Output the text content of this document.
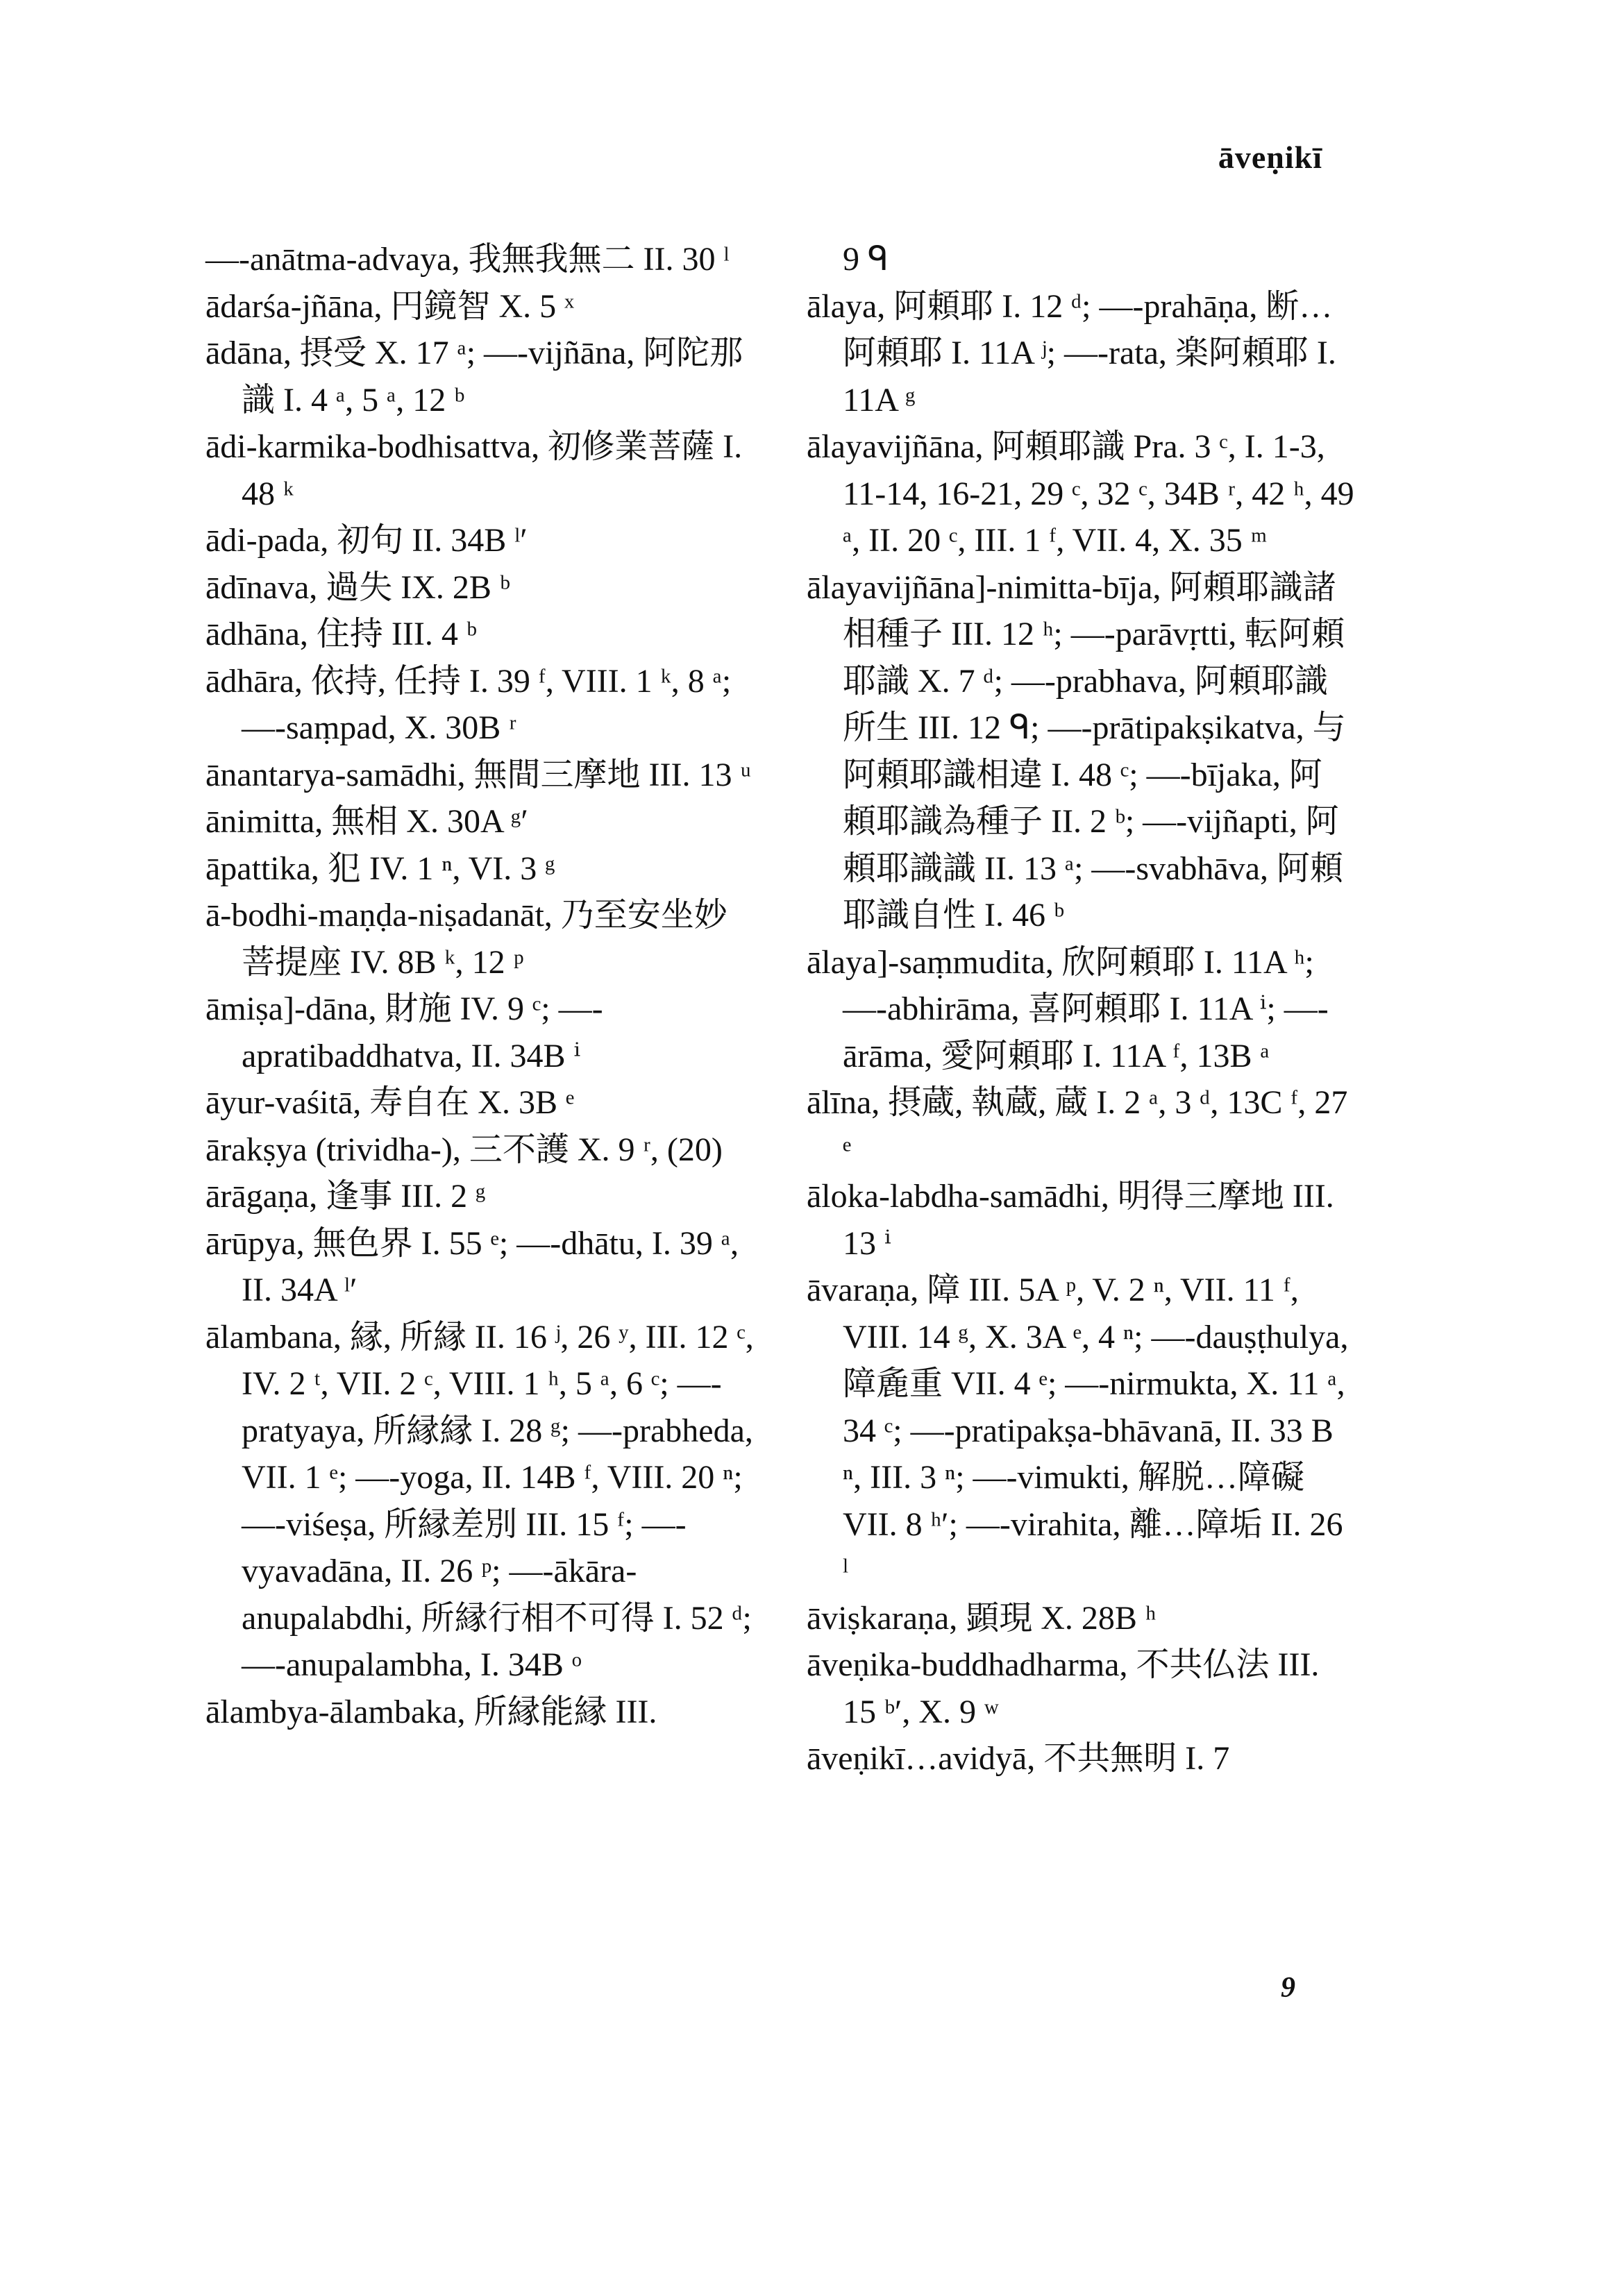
āveṇikī
—-anātma-advaya, 我無我無二 II. 30 ˡ
ādarśa-jñāna, 円鏡智 X. 5 ˣ
ādāna, 摂受 X. 17 ᵃ; —-vijñāna, 阿陀那識 I. 4 ᵃ, 5 ᵃ, 12 ᵇ
ādi-karmika-bodhisattva, 初修業菩薩 I. 48 ᵏ
ādi-pada, 初句 II. 34B ˡ′
ādīnava, 過失 IX. 2B ᵇ
ādhāna, 住持 III. 4 ᵇ
ādhāra, 依持, 任持 I. 39 ᶠ, VIII. 1 ᵏ, 8 ᵃ; —-saṃpad, X. 30B ʳ
ānantarya-samādhi, 無間三摩地 III. 13 ᵘ
ānimitta, 無相 X. 30A ᵍ′
āpattika, 犯 IV. 1 ⁿ, VI. 3 ᵍ
ā-bodhi-maṇḍa-niṣadanāt, 乃至安坐妙菩提座 IV. 8B ᵏ, 12 ᵖ
āmiṣa]-dāna, 財施 IV. 9 ᶜ; —-apratibaddhatva, II. 34B ⁱ
āyur-vaśitā, 寿自在 X. 3B ᵉ
ārakṣya (trividha-), 三不護 X. 9 ʳ, (20)
ārāgaṇa, 逢事 III. 2 ᵍ
ārūpya, 無色界 I. 55 ᵉ; —-dhātu, I. 39 ᵃ, II. 34A ˡ′
ālambana, 縁, 所縁 II. 16 ʲ, 26 ʸ, III. 12 ᶜ, IV. 2 ᵗ, VII. 2 ᶜ, VIII. 1 ʰ, 5 ᵃ, 6 ᶜ; —-pratyaya, 所縁縁 I. 28 ᵍ; —-prabheda, VII. 1 ᵉ; —-yoga, II. 14B ᶠ, VIII. 20 ⁿ; —-viśeṣa, 所縁差別 III. 15 ᶠ; —-vyavadāna, II. 26 ᵖ; —-ākāra-anupalabdhi, 所縁行相不可得 I. 52 ᵈ; —-anupalambha, I. 34B ᵒ
ālambya-ālambaka, 所縁能縁 III.
9 ᑫ
ālaya, 阿頼耶 I. 12 ᵈ; —-prahāṇa, 断…阿頼耶 I. 11A ʲ; —-rata, 楽阿頼耶 I. 11A ᵍ
ālayavijñāna, 阿頼耶識 Pra. 3 ᶜ, I. 1-3, 11-14, 16-21, 29 ᶜ, 32 ᶜ, 34B ʳ, 42 ʰ, 49 ᵃ, II. 20 ᶜ, III. 1 ᶠ, VII. 4, X. 35 ᵐ
ālayavijñāna]-nimitta-bīja, 阿頼耶識諸相種子 III. 12 ʰ; —-parāvṛtti, 転阿頼耶識 X. 7 ᵈ; —-prabhava, 阿頼耶識所生 III. 12 ᑫ; —-prātipakṣikatva, 与阿頼耶識相違 I. 48 ᶜ; —-bījaka, 阿頼耶識為種子 II. 2 ᵇ; —-vijñapti, 阿頼耶識識 II. 13 ᵃ; —-svabhāva, 阿頼耶識自性 I. 46 ᵇ
ālaya]-saṃmudita, 欣阿頼耶 I. 11A ʰ; —-abhirāma, 喜阿頼耶 I. 11A ⁱ; —-ārāma, 愛阿頼耶 I. 11A ᶠ, 13B ᵃ
ālīna, 摂蔵, 執蔵, 蔵 I. 2 ᵃ, 3 ᵈ, 13C ᶠ, 27 ᵉ
āloka-labdha-samādhi, 明得三摩地 III. 13 ⁱ
āvaraṇa, 障 III. 5A ᵖ, V. 2 ⁿ, VII. 11 ᶠ, VIII. 14 ᵍ, X. 3A ᵉ, 4 ⁿ; —-dauṣṭhulya, 障麁重 VII. 4 ᵉ; —-nirmukta, X. 11 ᵃ, 34 ᶜ; —-pratipakṣa-bhāvanā, II. 33 B ⁿ, III. 3 ⁿ; —-vimukti, 解脱…障礙 VII. 8 ʰ′; —-virahita, 離…障垢 II. 26 ˡ
āviṣkaraṇa, 顕現 X. 28B ʰ
āveṇika-buddhadharma, 不共仏法 III. 15 ᵇ′, X. 9 ʷ
āveṇikī…avidyā, 不共無明 I. 7
9
